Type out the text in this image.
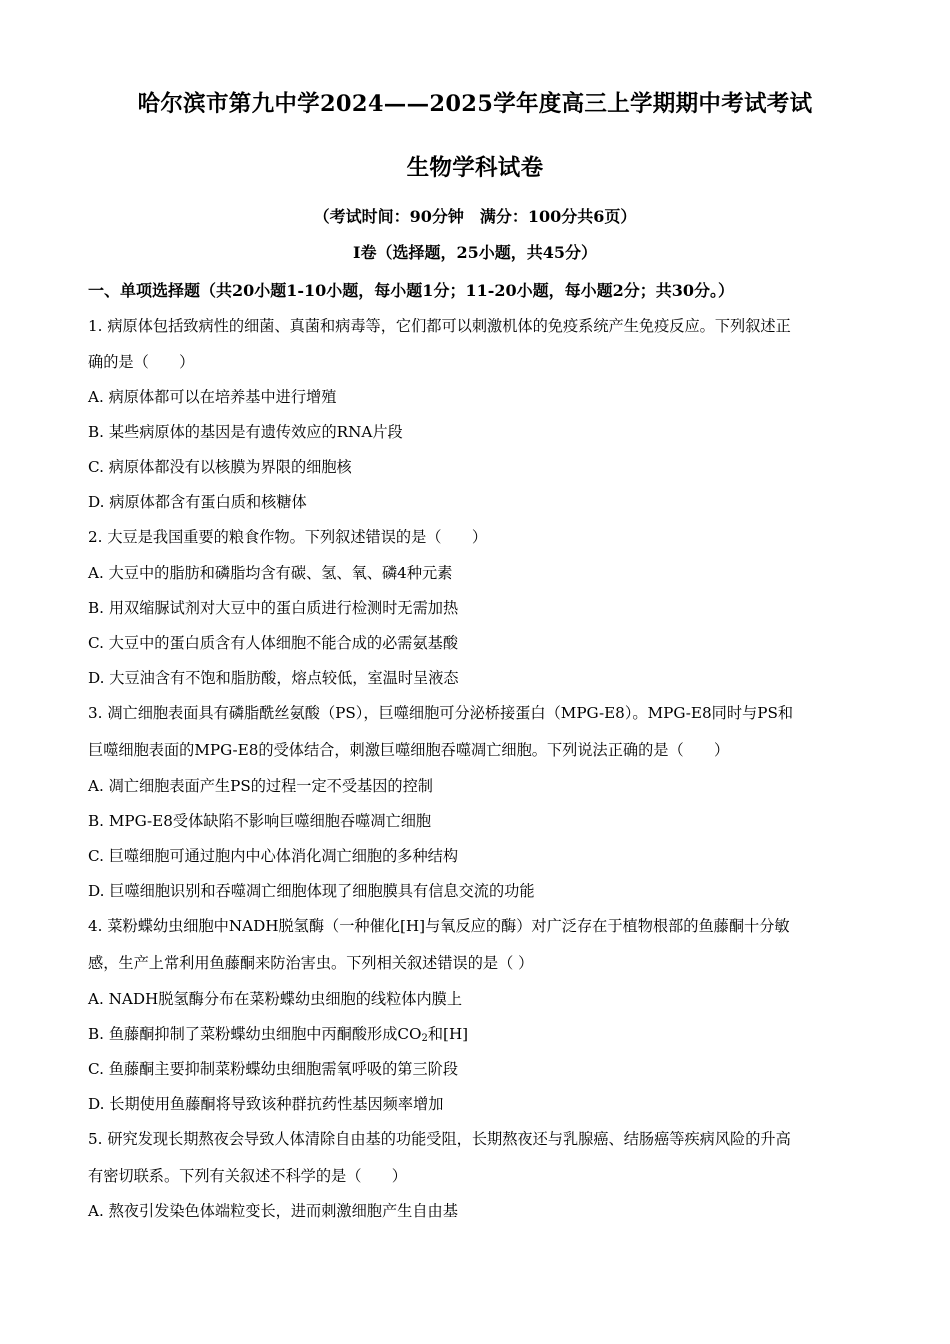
哈尔滨市第九中学2024——2025学年度高三上学期期中考试考试
生物学科试卷
（考试时间：90分钟　满分：100分共6页）
Ⅰ卷（选择题，25小题，共45分）
一、单项选择题（共20小题1-10小题，每小题1分；11-20小题，每小题2分；共30分。）
1. 病原体包括致病性的细菌、真菌和病毒等，它们都可以刺激机体的免疫系统产生免疫反应。下列叙述正
确的是（　　）
A. 病原体都可以在培养基中进行增殖
B. 某些病原体的基因是有遗传效应的RNA片段
C. 病原体都没有以核膜为界限的细胞核
D. 病原体都含有蛋白质和核糖体
2. 大豆是我国重要的粮食作物。下列叙述错误的是（　　）
A. 大豆中的脂肪和磷脂均含有碳、氢、氧、磷4种元素
B. 用双缩脲试剂对大豆中的蛋白质进行检测时无需加热
C. 大豆中的蛋白质含有人体细胞不能合成的必需氨基酸
D. 大豆油含有不饱和脂肪酸，熔点较低，室温时呈液态
3. 凋亡细胞表面具有磷脂酰丝氨酸（PS），巨噬细胞可分泌桥接蛋白（MPG-E8）。MPG-E8同时与PS和
巨噬细胞表面的MPG-E8的受体结合，刺激巨噬细胞吞噬凋亡细胞。下列说法正确的是（　　）
A. 凋亡细胞表面产生PS的过程一定不受基因的控制
B. MPG-E8受体缺陷不影响巨噬细胞吞噬凋亡细胞
C. 巨噬细胞可通过胞内中心体消化凋亡细胞的多种结构
D. 巨噬细胞识别和吞噬凋亡细胞体现了细胞膜具有信息交流的功能
4. 菜粉蝶幼虫细胞中NADH脱氢酶（一种催化[H]与氧反应的酶）对广泛存在于植物根部的鱼藤酮十分敏
感，生产上常利用鱼藤酮来防治害虫。下列相关叙述错误的是（ ）
A. NADH脱氢酶分布在菜粉蝶幼虫细胞的线粒体内膜上
B. 鱼藤酮抑制了菜粉蝶幼虫细胞中丙酮酸形成$CO_2$和[H]
C. 鱼藤酮主要抑制菜粉蝶幼虫细胞需氧呼吸的第三阶段
D. 长期使用鱼藤酮将导致该种群抗药性基因频率增加
5. 研究发现长期熬夜会导致人体清除自由基的功能受阻，长期熬夜还与乳腺癌、结肠癌等疾病风险的升高
有密切联系。下列有关叙述不科学的是（　　）
A. 熬夜引发染色体端粒变长，进而刺激细胞产生自由基
